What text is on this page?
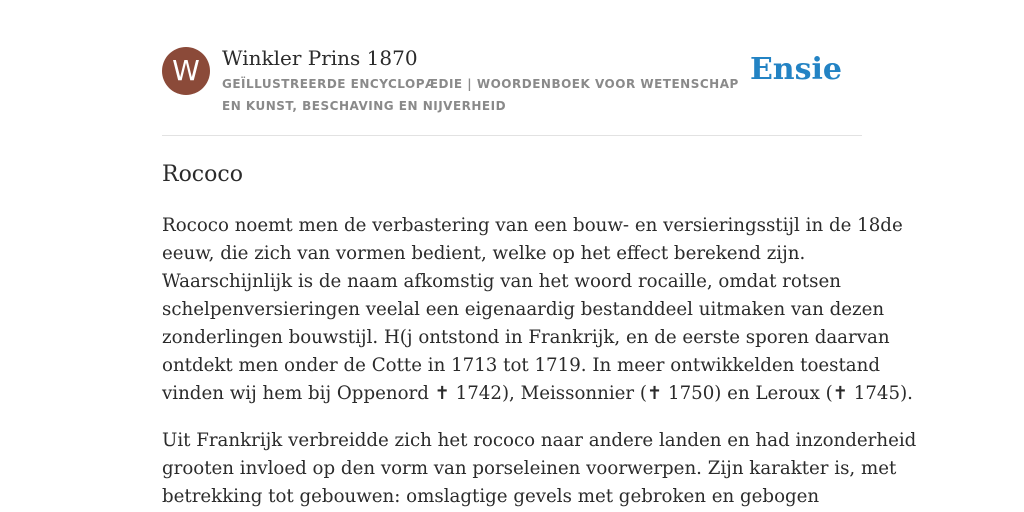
W	Winkler Prins 1870
GEÏLLUSTREERDE ENCYCLOPÆDIE | WOORDENBOEK VOOR WETENSCHAP EN KUNST, BESCHAVING EN NIJVERHEID
Ensie
Rococo

Rococo noemt men de verbastering van een bouw- en versieringsstijl in de 18de
eeuw, die zich van vormen bedient, welke op het effect berekend zijn.
Waarschijnlijk is de naam afkomstig van het woord rocaille, omdat rotsen
schelpenversieringen veelal een eigenaardig bestanddeel uitmaken van dezen
zonderlingen bouwstijl. H(j ontstond in Frankrijk, en de eerste sporen daarvan
ontdekt men onder de Cotte in 1713 tot 1719. In meer ontwikkelden toestand
vinden wij hem bij Oppenord ✝ 1742), Meissonnier (✝ 1750) en Leroux (✝ 1745).

Uit Frankrijk verbreidde zich het rococo naar andere landen en had inzonderheid
grooten invloed op den vorm van porseleinen voorwerpen. Zijn karakter is, met
betrekking tot gebouwen: omslagtige gevels met gebroken en gebogen
